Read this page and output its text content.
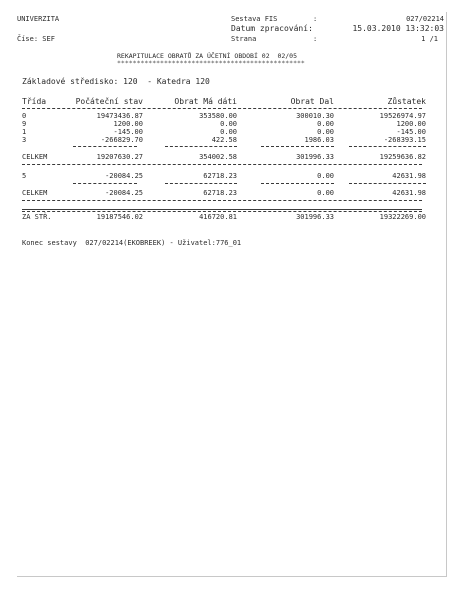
UNIVERZITA
Číse: SEF
Sestava FIS	:	027/02214
Datum zpracování:	15.03.2010 13:32:03
Strana	:	1 /1
REKAPITULACE OBRATŮ ZA ÚČETNÍ OBDOBÍ 02  02/05
************************************************
Základové středisko: 120  - Katedra 120
Třída	Počáteční stav	Obrat Má dáti	Obrat Dal	Zůstatek
0	19473436.87	353580.00	300010.30	19526974.97
9	1200.00	0.00	0.00	1200.00
1	-145.00	0.00	0.00	-145.00
3	-266829.70	422.58	1986.03	-268393.15
CELKEM	19207630.27	354002.58	301996.33	19259636.82
5	-20084.25	62718.23	0.00	42631.98
CELKEM	-20084.25	62718.23	0.00	42631.98
ZA STŘ.	19187546.02	416720.81	301996.33	19322269.00
Konec sestavy  027/02214(EKOBREEK) - Uživatel:776_01
